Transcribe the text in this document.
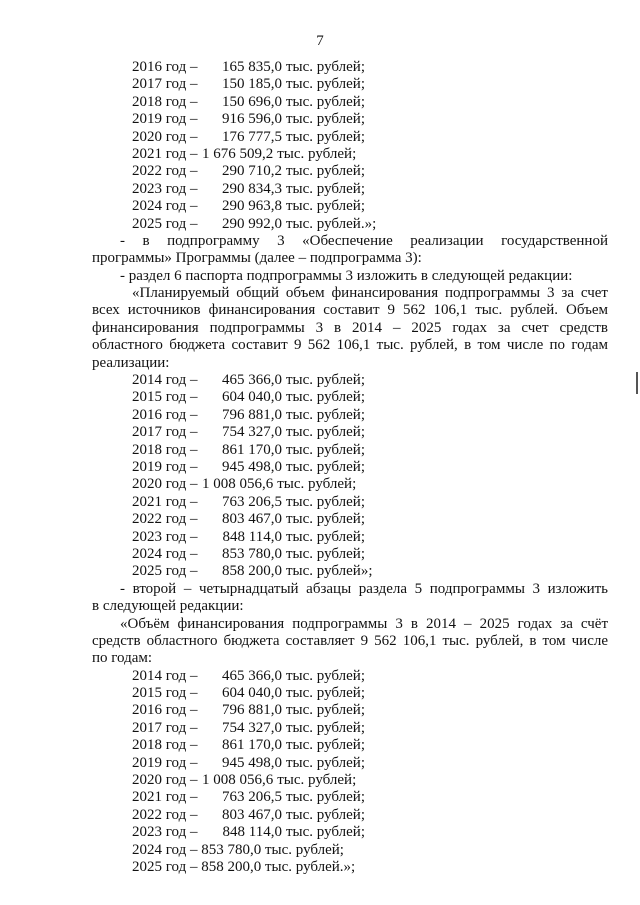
7
2016 год – 165 835,0 тыс. рублей;
2017 год – 150 185,0 тыс. рублей;
2018 год – 150 696,0 тыс. рублей;
2019 год – 916 596,0 тыс. рублей;
2020 год – 176 777,5 тыс. рублей;
2021 год – 1 676 509,2 тыс. рублей;
2022 год – 290 710,2 тыс. рублей;
2023 год – 290 834,3 тыс. рублей;
2024 год – 290 963,8 тыс. рублей;
2025 год – 290 992,0 тыс. рублей.»;
- в подпрограмму 3 «Обеспечение реализации государственной
программы» Программы (далее – подпрограмма 3):
- раздел 6 паспорта подпрограммы 3 изложить в следующей редакции:
«Планируемый общий объем финансирования подпрограммы 3 за счет
всех источников финансирования составит 9 562 106,1 тыс. рублей. Объем
финансирования подпрограммы 3 в 2014 – 2025 годах за счет средств
областного бюджета составит 9 562 106,1 тыс. рублей, в том числе по годам
реализации:
2014 год – 465 366,0 тыс. рублей;
2015 год – 604 040,0 тыс. рублей;
2016 год – 796 881,0 тыс. рублей;
2017 год – 754 327,0 тыс. рублей;
2018 год – 861 170,0 тыс. рублей;
2019 год – 945 498,0 тыс. рублей;
2020 год – 1 008 056,6 тыс. рублей;
2021 год – 763 206,5 тыс. рублей;
2022 год – 803 467,0 тыс. рублей;
2023 год – 848 114,0 тыс. рублей;
2024 год – 853 780,0 тыс. рублей;
2025 год – 858 200,0 тыс. рублей»;
- второй – четырнадцатый абзацы раздела 5 подпрограммы 3 изложить
в следующей редакции:
«Объём финансирования подпрограммы 3 в 2014 – 2025 годах за счёт
средств областного бюджета составляет 9 562 106,1 тыс. рублей, в том числе
по годам:
2014 год – 465 366,0 тыс. рублей;
2015 год – 604 040,0 тыс. рублей;
2016 год – 796 881,0 тыс. рублей;
2017 год – 754 327,0 тыс. рублей;
2018 год – 861 170,0 тыс. рублей;
2019 год – 945 498,0 тыс. рублей;
2020 год – 1 008 056,6 тыс. рублей;
2021 год – 763 206,5 тыс. рублей;
2022 год – 803 467,0 тыс. рублей;
2023 год – 848 114,0 тыс. рублей;
2024 год – 853 780,0 тыс. рублей;
2025 год – 858 200,0 тыс. рублей.»;
